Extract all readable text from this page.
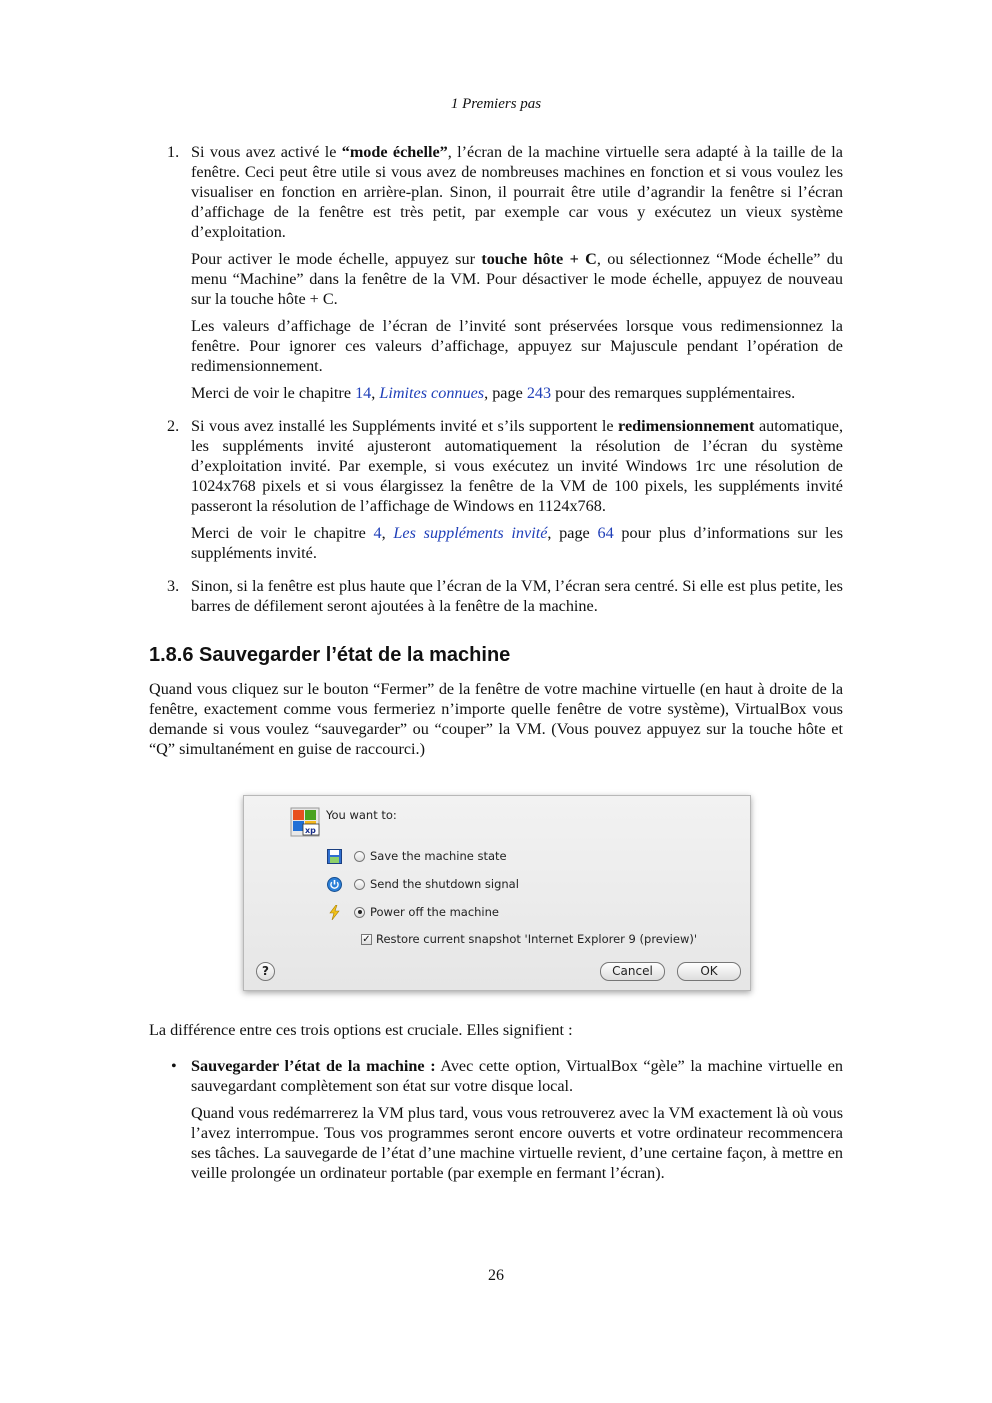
1 Premiers pas
1. Si vous avez activé le “mode échelle”, l’écran de la machine virtuelle sera adapté à la taille de la fenêtre. Ceci peut être utile si vous avez de nombreuses machines en fonction et si vous voulez les visualiser en fonction en arrière-plan. Sinon, il pourrait être utile d’agrandir la fenêtre si l’écran d’affichage de la fenêtre est très petit, par exemple car vous y exécutez un vieux système d’exploitation.

Pour activer le mode échelle, appuyez sur touche hôte + C, ou sélectionnez “Mode échelle” du menu “Machine” dans la fenêtre de la VM. Pour désactiver le mode échelle, appuyez de nouveau sur la touche hôte + C.

Les valeurs d’affichage de l’écran de l’invité sont préservées lorsque vous redimensionnez la fenêtre. Pour ignorer ces valeurs d’affichage, appuyez sur Majuscule pendant l’opération de redimensionnement.

Merci de voir le chapitre 14, Limites connues, page 243 pour des remarques supplémentaires.

2. Si vous avez installé les Suppléments invité et s’ils supportent le redimensionnement automatique, les suppléments invité ajusteront automatiquement la résolution de l’écran du système d’exploitation invité. Par exemple, si vous exécutez un invité Windows 1rc une résolution de 1024x768 pixels et si vous élargissez la fenêtre de la VM de 100 pixels, les suppléments invité passeront la résolution de l’affichage de Windows en 1124x768.

Merci de voir le chapitre 4, Les suppléments invité, page 64 pour plus d’informations sur les suppléments invité.

3. Sinon, si la fenêtre est plus haute que l’écran de la VM, l’écran sera centré. Si elle est plus petite, les barres de défilement seront ajoutées à la fenêtre de la machine.

1.8.6 Sauvegarder l’état de la machine

Quand vous cliquez sur le bouton “Fermer” de la fenêtre de votre machine virtuelle (en haut à droite de la fenêtre, exactement comme vous fermeriez n’importe quelle fenêtre de votre système), VirtualBox vous demande si vous voulez “sauvegarder” ou “couper” la VM. (Vous pouvez appuyez sur la touche hôte et “Q” simultanément en guise de raccourci.)

xp
You want to:
Save the machine state
Send the shutdown signal
Power off the machine
✓ Restore current snapshot 'Internet Explorer 9 (preview)'
?	Cancel	OK

La différence entre ces trois options est cruciale. Elles signifient :

• Sauvegarder l’état de la machine : Avec cette option, VirtualBox “gèle” la machine virtuelle en sauvegardant complètement son état sur votre disque local.

Quand vous redémarrerez la VM plus tard, vous vous retrouverez avec la VM exactement là où vous l’avez interrompue. Tous vos programmes seront encore ouverts et votre ordinateur recommencera ses tâches. La sauvegarde de l’état d’une machine virtuelle revient, d’une certaine façon, à mettre en veille prolongée un ordinateur portable (par exemple en fermant l’écran).

26
